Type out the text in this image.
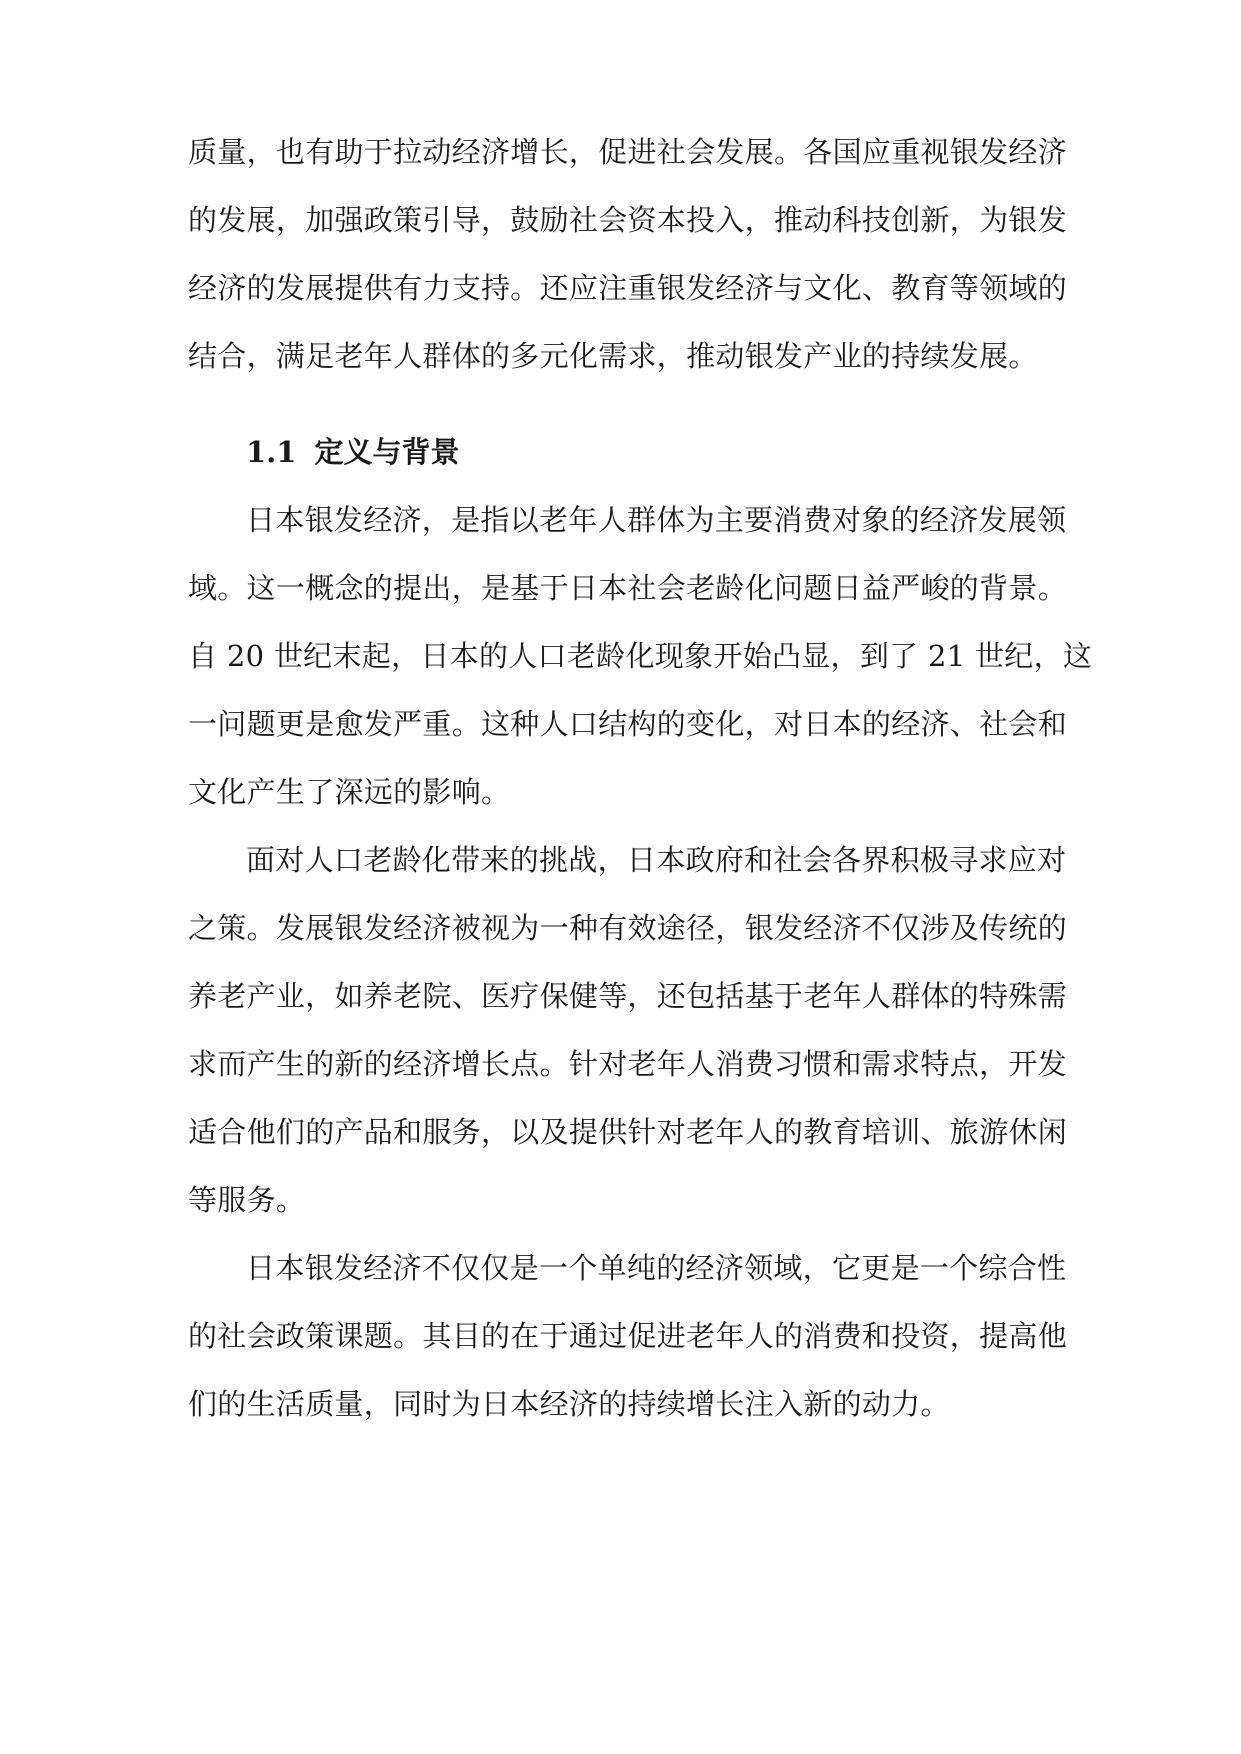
质量，也有助于拉动经济增长，促进社会发展。各国应重视银发经济
的发展，加强政策引导，鼓励社会资本投入，推动科技创新，为银发
经济的发展提供有力支持。还应注重银发经济与文化、教育等领域的
结合，满足老年人群体的多元化需求，推动银发产业的持续发展。
1.1 定义与背景
日本银发经济，是指以老年人群体为主要消费对象的经济发展领
域。这一概念的提出，是基于日本社会老龄化问题日益严峻的背景。
自 20 世纪末起，日本的人口老龄化现象开始凸显，到了 21 世纪，这
一问题更是愈发严重。这种人口结构的变化，对日本的经济、社会和
文化产生了深远的影响。
面对人口老龄化带来的挑战，日本政府和社会各界积极寻求应对
之策。发展银发经济被视为一种有效途径，银发经济不仅涉及传统的
养老产业，如养老院、医疗保健等，还包括基于老年人群体的特殊需
求而产生的新的经济增长点。针对老年人消费习惯和需求特点，开发
适合他们的产品和服务，以及提供针对老年人的教育培训、旅游休闲
等服务。
日本银发经济不仅仅是一个单纯的经济领域，它更是一个综合性
的社会政策课题。其目的在于通过促进老年人的消费和投资，提高他
们的生活质量，同时为日本经济的持续增长注入新的动力。
